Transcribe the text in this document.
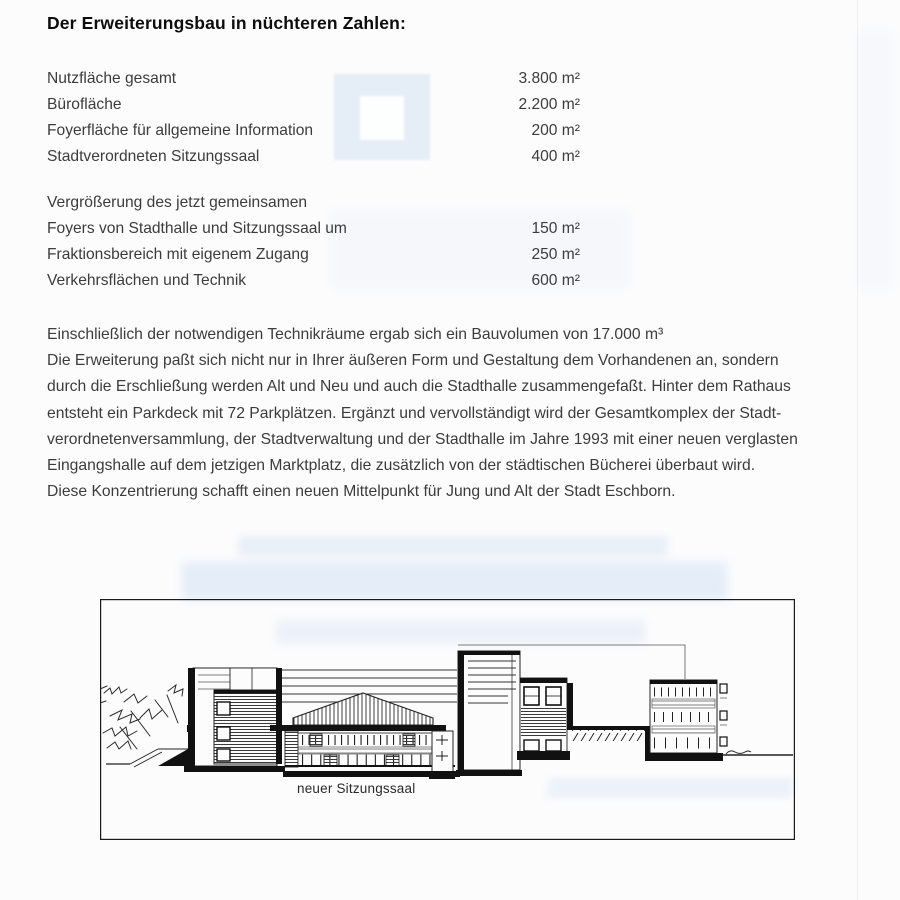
Der Erweiterungsbau in nüchteren Zahlen:
Nutzfläche gesamt	3.800 m²
Bürofläche	2.200 m²
Foyerfläche für allgemeine Information	200 m²
Stadtverordneten Sitzungssaal	400 m²
Vergrößerung des jetzt gemeinsamen
Foyers von Stadthalle und Sitzungssaal um	150 m²
Fraktionsbereich mit eigenem Zugang	250 m²
Verkehrsflächen und Technik	600 m²
Einschließlich der notwendigen Technikräume ergab sich ein Bauvolumen von 17.000 m³
Die Erweiterung paßt sich nicht nur in Ihrer äußeren Form und Gestaltung dem Vorhandenen an, sondern
durch die Erschließung werden Alt und Neu und auch die Stadthalle zusammengefaßt. Hinter dem Rathaus
entsteht ein Parkdeck mit 72 Parkplätzen. Ergänzt und vervollständigt wird der Gesamtkomplex der Stadt-
verordnetenversammlung, der Stadtverwaltung und der Stadthalle im Jahre 1993 mit einer neuen verglasten
Eingangshalle auf dem jetzigen Marktplatz, die zusätzlich von der städtischen Bücherei überbaut wird.
Diese Konzentrierung schafft einen neuen Mittelpunkt für Jung und Alt der Stadt Eschborn.
neuer Sitzungssaal
